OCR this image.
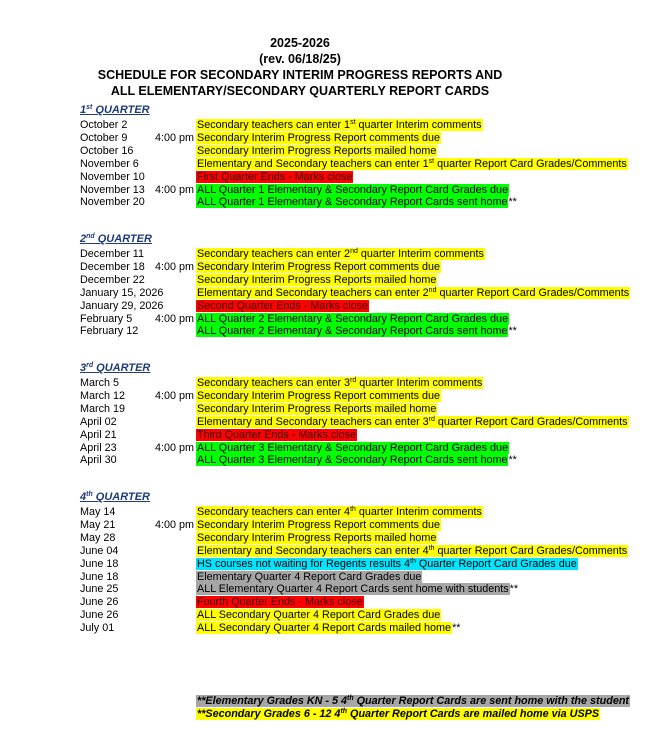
2025-2026
(rev. 06/18/25)
SCHEDULE FOR SECONDARY INTERIM PROGRESS REPORTS AND
ALL ELEMENTARY/SECONDARY QUARTERLY REPORT CARDS
1st QUARTER
October 2	Secondary teachers can enter 1st quarter Interim comments
October 9	4:00 pm Secondary Interim Progress Report comments due
October 16	Secondary Interim Progress Reports mailed home
November 6	Elementary and Secondary teachers can enter 1st quarter Report Card Grades/Comments
November 10	First Quarter Ends - Marks close
November 13 4:00 pm ALL Quarter 1 Elementary & Secondary Report Card Grades due
November 20	ALL Quarter 1 Elementary & Secondary Report Cards sent home**
2nd QUARTER
December 11	Secondary teachers can enter 2nd quarter Interim comments
December 18 4:00 pm Secondary Interim Progress Report comments due
December 22	Secondary Interim Progress Reports mailed home
January 15, 2026	Elementary and Secondary teachers can enter 2nd quarter Report Card Grades/Comments
January 29, 2026	Second Quarter Ends - Marks close
February 5 4:00 pm ALL Quarter 2 Elementary & Secondary Report Card Grades due
February 12	ALL Quarter 2 Elementary & Secondary Report Cards sent home**
3rd QUARTER
March 5	Secondary teachers can enter 3rd quarter Interim comments
March 12	4:00 pm Secondary Interim Progress Report comments due
March 19	Secondary Interim Progress Reports mailed home
April 02	Elementary and Secondary teachers can enter 3rd quarter Report Card Grades/Comments
April 21	Third Quarter Ends - Marks close
April 23	4:00 pm ALL Quarter 3 Elementary & Secondary Report Card Grades due
April 30	ALL Quarter 3 Elementary & Secondary Report Cards sent home**
4th QUARTER
May 14	Secondary teachers can enter 4th quarter Interim comments
May 21	4:00 pm Secondary Interim Progress Report comments due
May 28	Secondary Interim Progress Reports mailed home
June 04	Elementary and Secondary teachers can enter 4th quarter Report Card Grades/Comments
June 18	HS courses not waiting for Regents results 4th Quarter Report Card Grades due
June 18	Elementary Quarter 4 Report Card Grades due
June 25	ALL Elementary Quarter 4 Report Cards sent home with students**
June 26	Fourth Quarter Ends - Marks close
June 26	ALL Secondary Quarter 4 Report Card Grades due
July 01	ALL Secondary Quarter 4 Report Cards mailed home**
**Elementary Grades KN - 5 4th Quarter Report Cards are sent home with the student
**Secondary Grades 6 - 12 4th Quarter Report Cards are mailed home via USPS
